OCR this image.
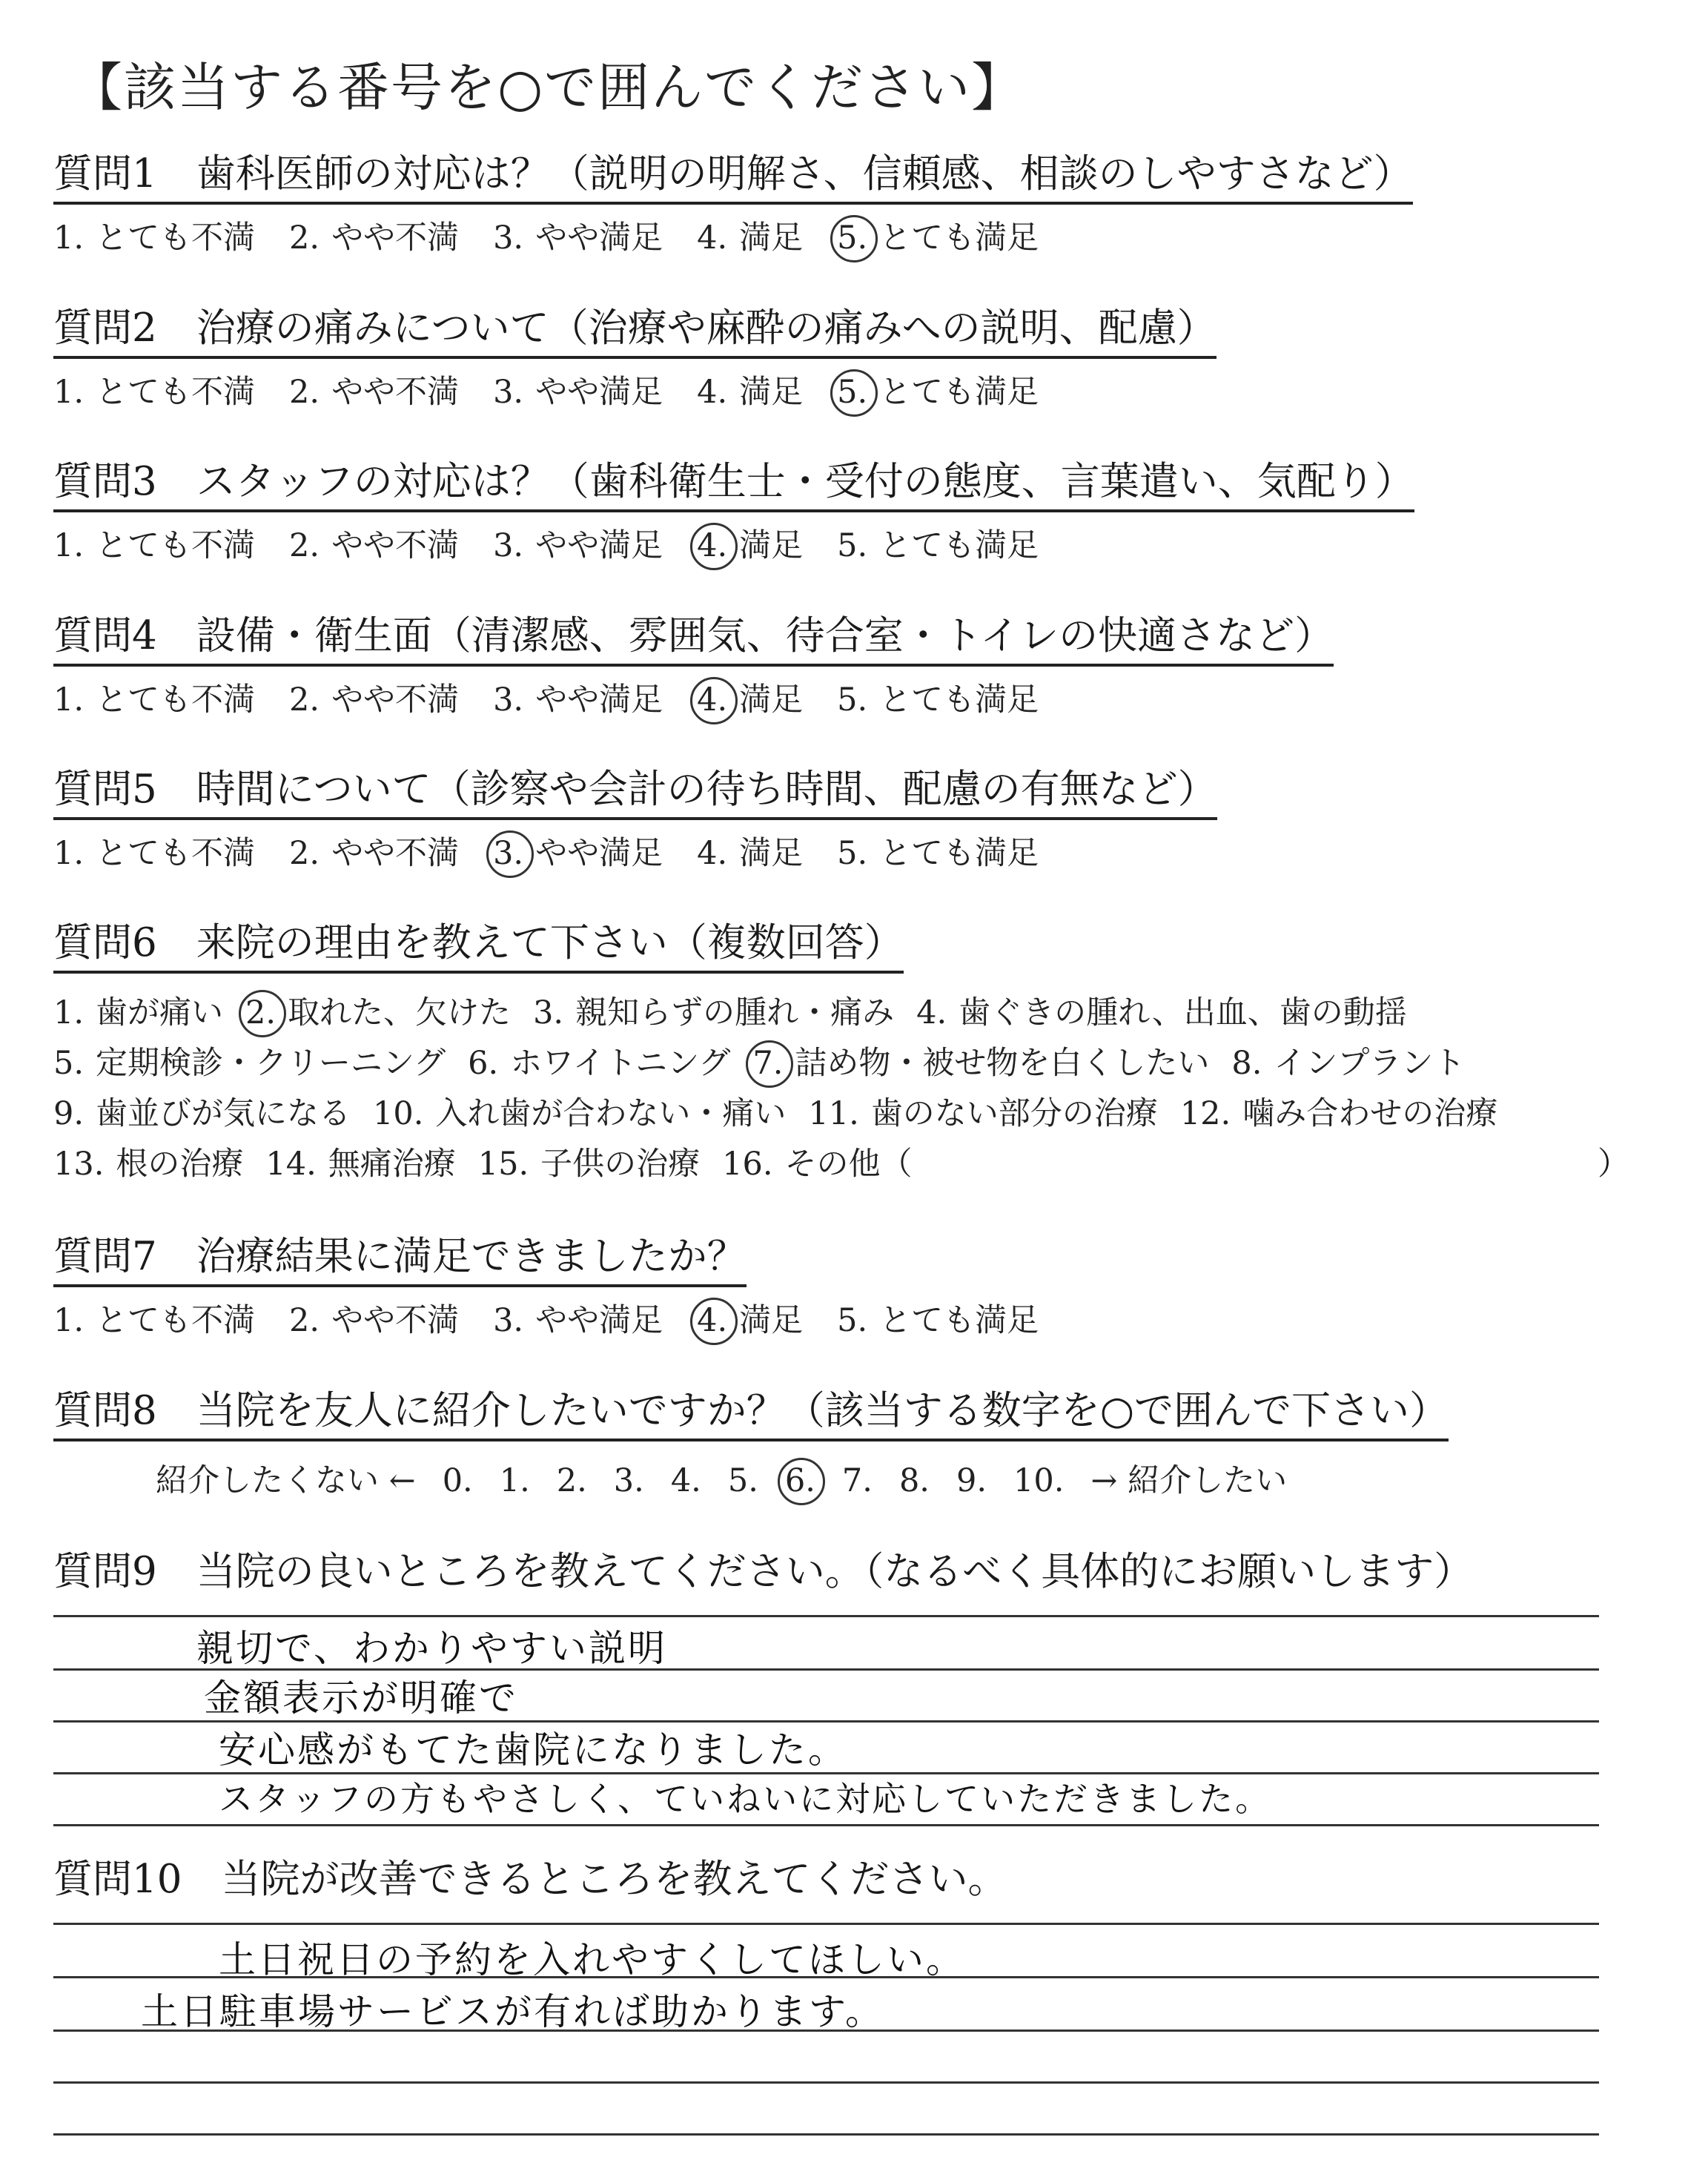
【該当する番号を○で囲んでください】
質問1　歯科医師の対応は？（説明の明解さ、信頼感、相談のしやすさなど）
1. とても不満 2. やや不満 3. やや満足 4. 満足 5. とても満足
質問2　治療の痛みについて（治療や麻酔の痛みへの説明、配慮）
1. とても不満 2. やや不満 3. やや満足 4. 満足 5. とても満足
質問3　スタッフの対応は？（歯科衛生士・受付の態度、言葉遣い、気配り）
1. とても不満 2. やや不満 3. やや満足 4. 満足 5. とても満足
質問4　設備・衛生面（清潔感、雰囲気、待合室・トイレの快適さなど）
1. とても不満 2. やや不満 3. やや満足 4. 満足 5. とても満足
質問5　時間について（診察や会計の待ち時間、配慮の有無など）
1. とても不満 2. やや不満 3. やや満足 4. 満足 5. とても満足
質問6　来院の理由を教えて下さい（複数回答）
1. 歯が痛い 2. 取れた、欠けた 3. 親知らずの腫れ・痛み 4. 歯ぐきの腫れ、出血、歯の動揺
5. 定期検診・クリーニング 6. ホワイトニング 7. 詰め物・被せ物を白くしたい 8. インプラント
9. 歯並びが気になる 10. 入れ歯が合わない・痛い 11. 歯のない部分の治療 12. 噛み合わせの治療
13. 根の治療 14. 無痛治療 15. 子供の治療 16. その他（	）
質問7　治療結果に満足できましたか？
1. とても不満 2. やや不満 3. やや満足 4. 満足 5. とても満足
質問8　当院を友人に紹介したいですか？（該当する数字を○で囲んで下さい）
紹介したくない ← 0. 1. 2. 3. 4. 5. 6. 7. 8. 9. 10. → 紹介したい
質問9　当院の良いところを教えてください。（なるべく具体的にお願いします）
親切で、わかりやすい説明
金額表示が明確で
安心感がもてた歯院になりました。
スタッフの方もやさしく、ていねいに対応していただきました。
質問10　当院が改善できるところを教えてください。
土日祝日の予約を入れやすくしてほしい。
土日駐車場サービスが有れば助かります。
